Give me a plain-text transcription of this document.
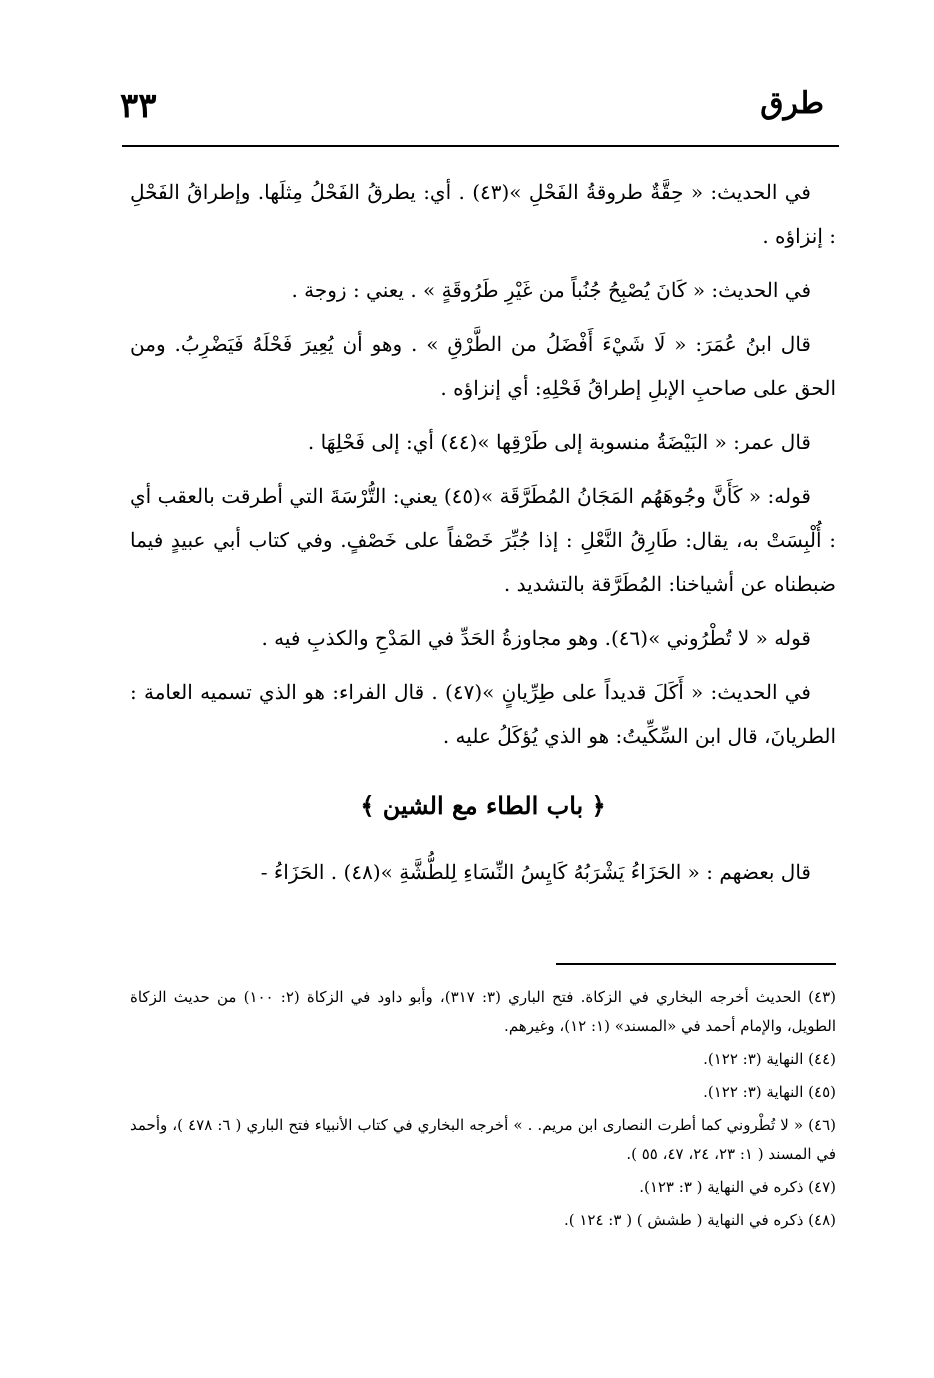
٣٣	طرق

في الحديث: « حِقَّةٌ طروقةُ الفَحْلِ »(٤٣) . أي: يطرقُ الفَحْلُ مِثلَها. وإطراقُ الفَحْلِ : إنزاؤه .

في الحديث: « كَانَ يُصْبِحُ جُنُباً من غَيْرِ طَرُوقَةٍ » . يعني : زوجة .

قال ابنُ عُمَرَ: « لَا شَيْءَ أَفْضَلُ من الطَّرْقِ » . وهو أن يُعِيرَ فَحْلَهُ فَيَضْرِبُ. ومن الحق على صاحبِ الإبلِ إطراقُ فَحْلِهِ: أي إنزاؤه .

قال عمر: « البَيْضَةُ منسوبة إلى طَرْقِها »(٤٤) أي: إلى فَحْلِهَا .

قوله: « كَأَنَّ وجُوهَهُم المَجَانُ المُطَرَّقَة »(٤٥) يعني: التُّرْسَةَ التي أطرقت بالعقب أي : أُلْبِسَتْ به، يقال: طَارِقُ النَّعْلِ : إذا جُبِّرَ خَصْفاً على خَصْفٍ. وفي كتاب أبي عبيدٍ فيما ضبطناه عن أشياخنا: المُطَرَّقة بالتشديد .

قوله « لا تُطْرُوني »(٤٦). وهو مجاوزةُ الحَدِّ في المَدْحِ والكذبِ فيه .

في الحديث: « أَكَلَ قديداً على طِرِّيانٍ »(٤٧) . قال الفراء: هو الذي تسميه العامة : الطريانَ، قال ابن السِّكِّيتُ: هو الذي يُؤكَلُ عليه .

﴿ باب الطاء مع الشين ﴾

قال بعضهم : « الحَزَاءُ يَشْرَبُهُ كَايِسُ النِّسَاءِ لِلطُّشَّةِ »(٤٨) . الحَزَاءُ -

(٤٣) الحديث أخرجه البخاري في الزكاة. فتح الباري (٣: ٣١٧)، وأبو داود في الزكاة (٢: ١٠٠) من حديث الزكاة الطويل، والإمام أحمد في «المسند» (١: ١٢)، وغيرهم.

(٤٤) النهاية (٣: ١٢٢).

(٤٥) النهاية (٣: ١٢٢).

(٤٦) « لا تُطْروني كما أطرت النصارى ابن مريم. . » أخرجه البخاري في كتاب الأنبياء فتح الباري ( ٦: ٤٧٨ )، وأحمد في المسند ( ١: ٢٣، ٢٤، ٤٧، ٥٥ ).

(٤٧) ذكره في النهاية ( ٣: ١٢٣).

(٤٨) ذكره في النهاية ( طشش ) ( ٣: ١٢٤ ).
